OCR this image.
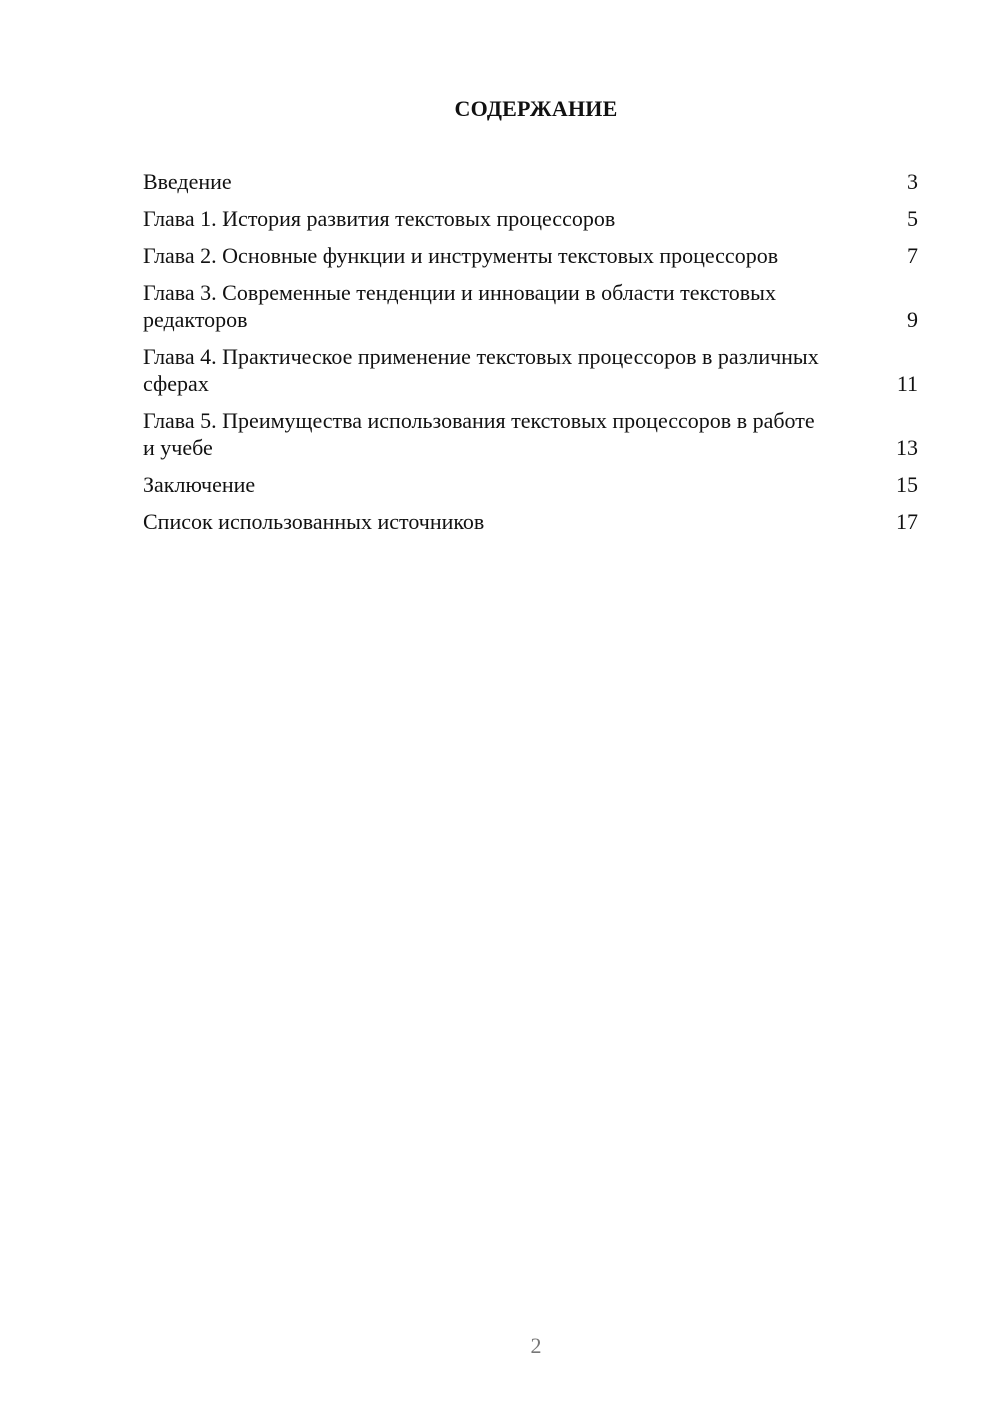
СОДЕРЖАНИЕ
Введение	3
Глава 1. История развития текстовых процессоров	5
Глава 2. Основные функции и инструменты текстовых процессоров	7
Глава 3. Современные тенденции и инновации в области текстовых редакторов	9
Глава 4. Практическое применение текстовых процессоров в различных сферах	11
Глава 5. Преимущества использования текстовых процессоров в работе и учебе	13
Заключение	15
Список использованных источников	17
2
